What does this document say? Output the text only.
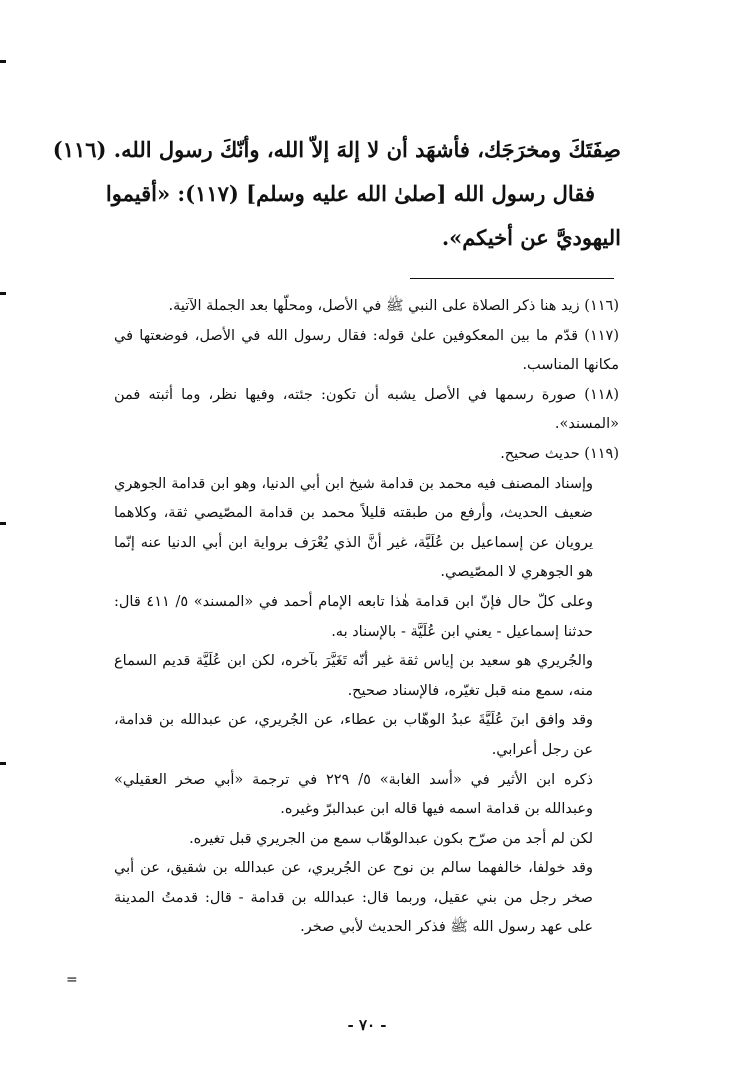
صِفَتَكَ ومخرَجَك، فأشهَد أن لا إلهَ إلاّ الله، وأنّكَ رسول الله. (١١٦)
فقال رسول الله [صلىٰ الله عليه وسلم] (١١٧): «أقيموا
اليهوديَّ عن أخيكم».

(١١٦) زيد هنا ذكر الصلاة على النبي ﷺ في الأصل، ومحلّها بعد الجملة الآتية.

(١١٧) قدّم ما بين المعكوفين علىٰ قوله: فقال رسول الله في الأصل، فوضعتها في مكانها المناسب.

(١١٨) صورة رسمها في الأصل يشبه أن تكون: جئته، وفيها نظر، وما أثبته فمن «المسند».

(١١٩) حديث صحيح.

وإسناد المصنف فيه محمد بن قدامة شيخ ابن أبي الدنيا، وهو ابن قدامة الجوهري ضعيف الحديث، وأرفع من طبقته قليلاً محمد بن قدامة المصّيصي ثقة، وكلاهما يرويان عن إسماعيل بن عُلَيَّة، غير أنَّ الذي يُعْرَف برواية ابن أبي الدنيا عنه إنّما هو الجوهري لا المصّيصي.

وعلى كلّ حال فإنّ ابن قدامة هٰذا تابعه الإمام أحمد في «المسند» ٥/ ٤١١ قال: حدثنا إسماعيل - يعني ابن عُلَيَّة - بالإسناد به.

والجُريري هو سعيد بن إياس ثقة غير أنّه تَغَيَّرَ بآخره، لكن ابن عُلَيَّة قديم السماع منه، سمع منه قبل تغيّره، فالإسناد صحيح.

وقد وافق ابنَ عُلَيَّةَ عبدُ الوهّاب بن عطاء، عن الجُريري، عن عبدالله بن قدامة، عن رجل أعرابي.

ذكره ابن الأثير في «أسد الغابة» ٥/ ٢٢٩ في ترجمة «أبي صخر العقيلي» وعبدالله بن قدامة اسمه فيها قاله ابن عبدالبرّ وغيره.

لكن لم أجد من صرّح بكون عبدالوهّاب سمع من الجريري قبل تغيره.

وقد خولفا، خالفهما سالم بن نوح عن الجُريري، عن عبدالله بن شقيق، عن أبي صخر رجل من بني عقيل، وربما قال: عبدالله بن قدامة - قال: قدمتُ المدينة على عهد رسول الله ﷺ فذكر الحديث لأبي صخر.

- ٧٠ -
=
